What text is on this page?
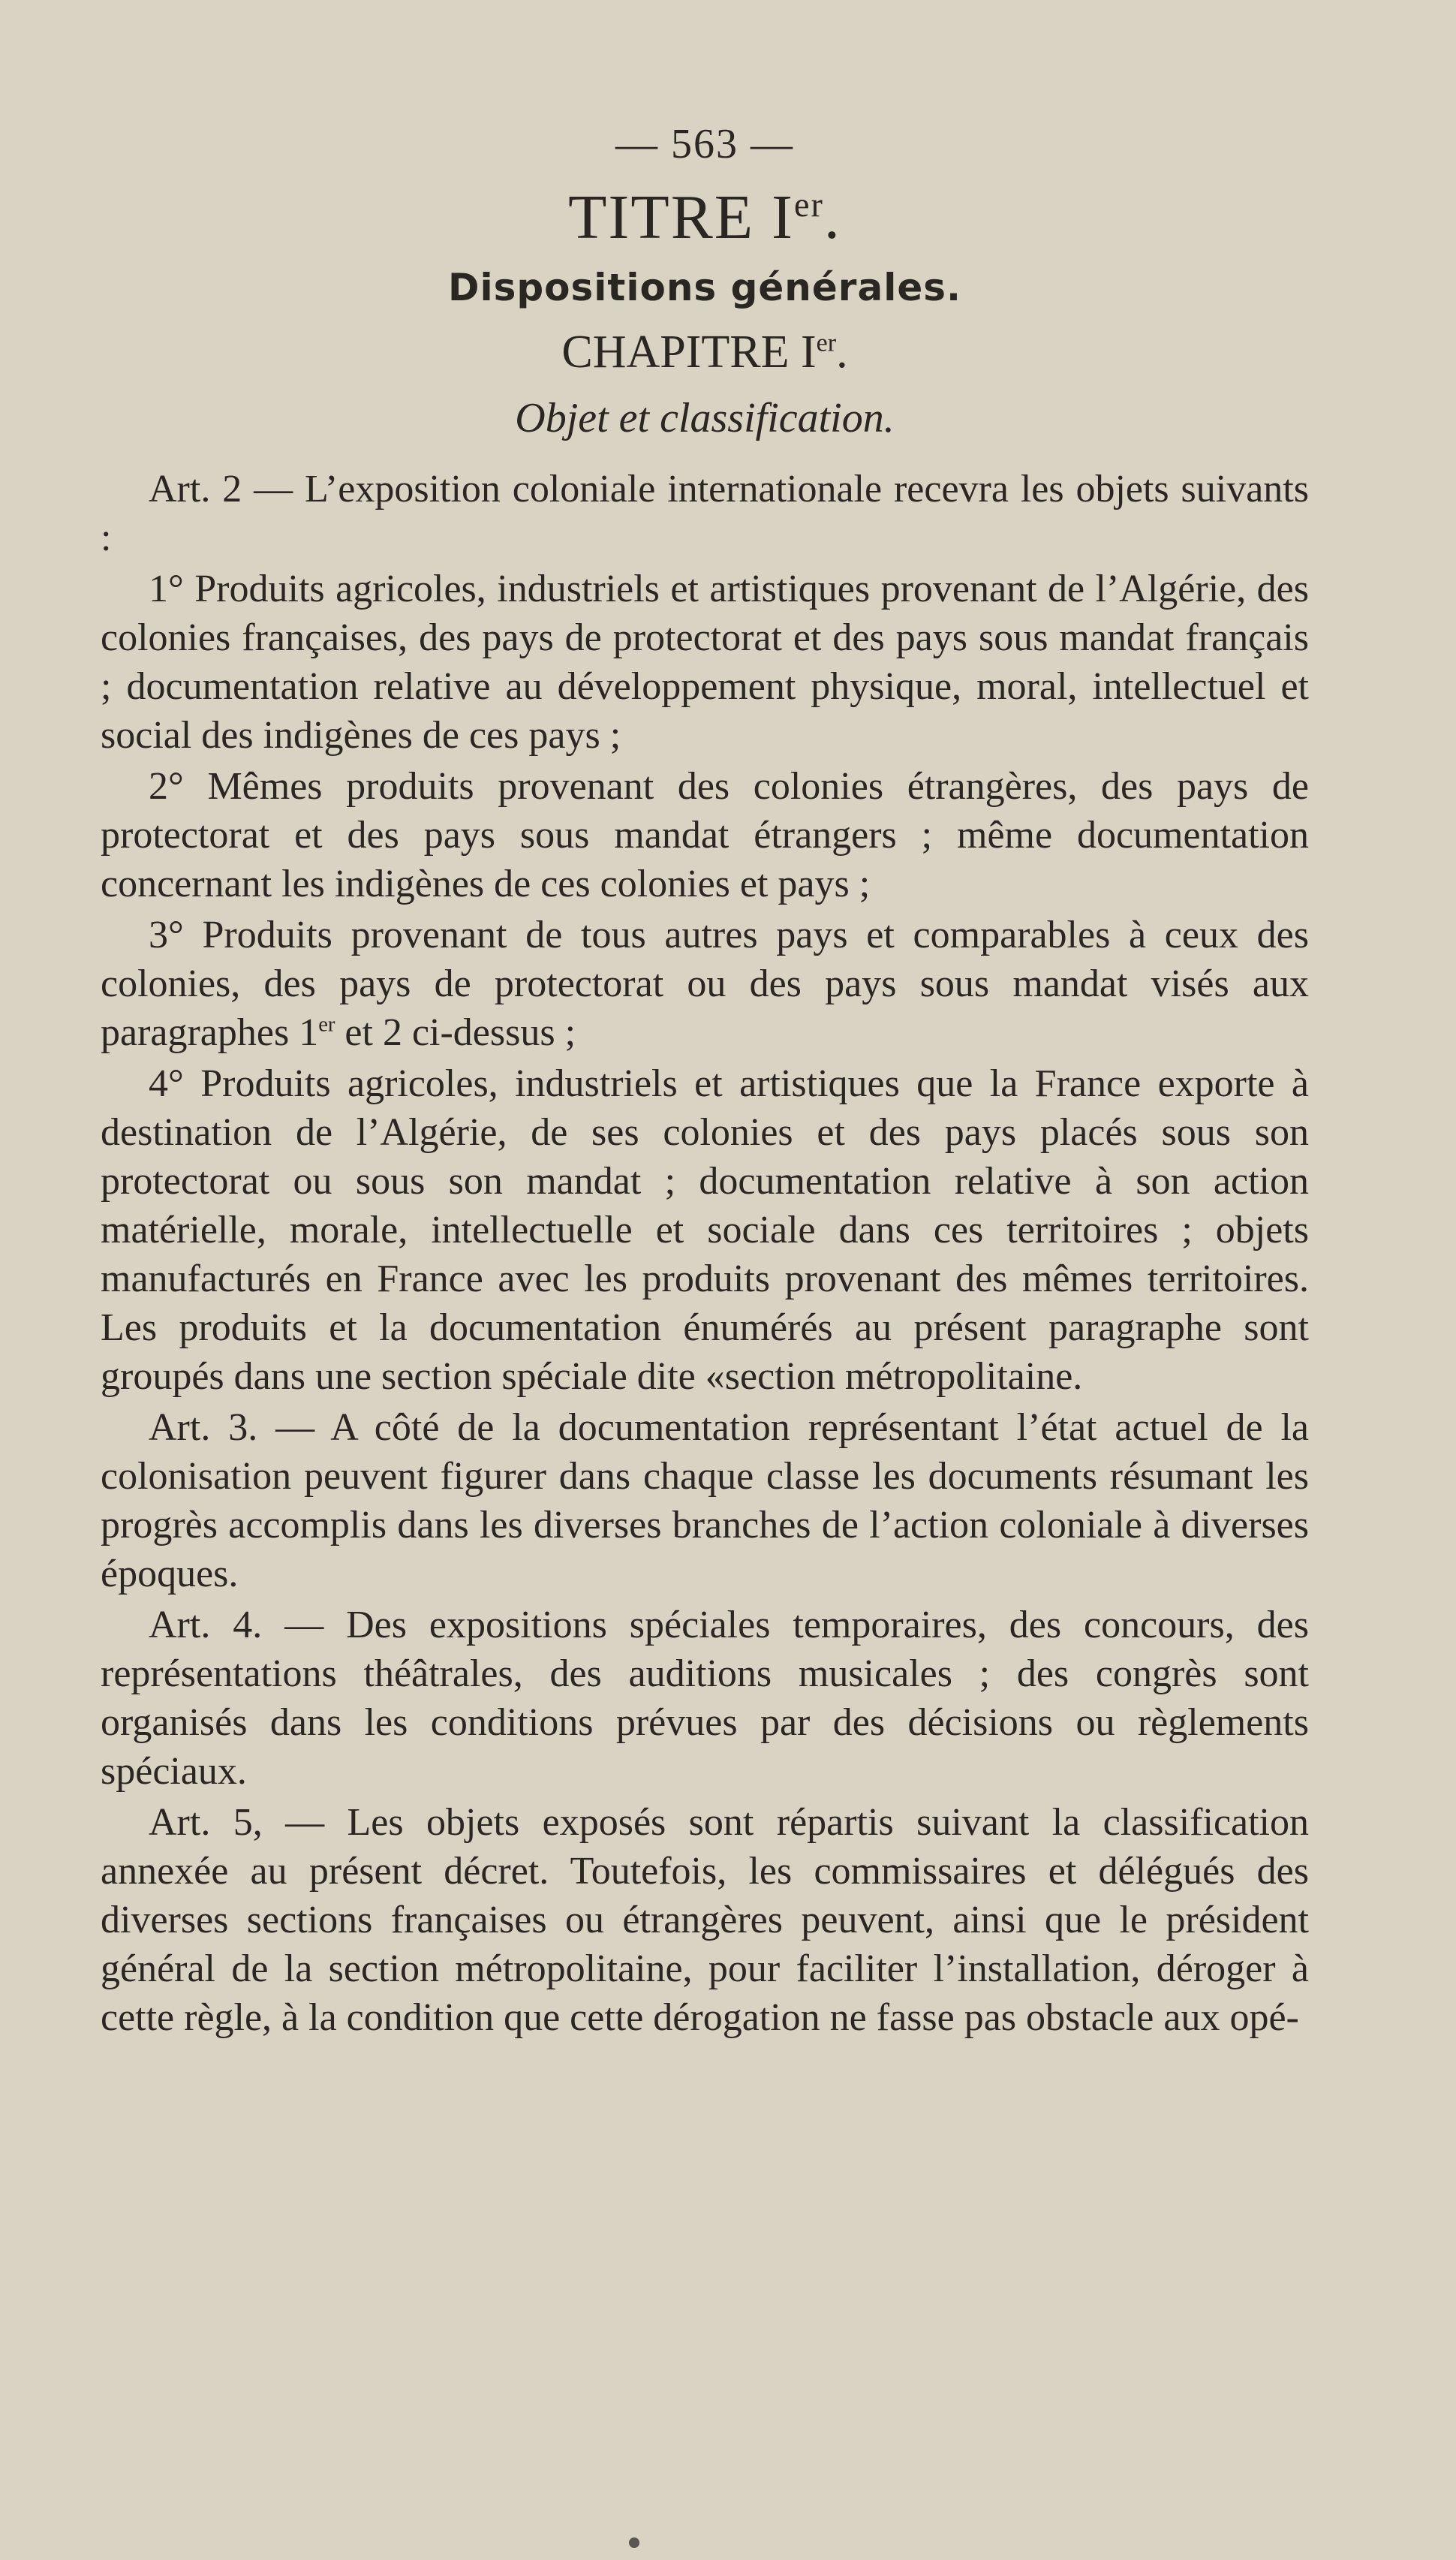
— 563 —
TITRE Ier.
Dispositions générales.
CHAPITRE Ier.
Objet et classification.

Art. 2 — L’exposition coloniale internationale recevra les objets suivants :

1° Produits agricoles, industriels et artistiques provenant de l’Algérie, des colonies françaises, des pays de protectorat et des pays sous mandat français ; documentation relative au développement physique, moral, intellectuel et social des indigènes de ces pays ;

2° Mêmes produits provenant des colonies étrangères, des pays de protectorat et des pays sous mandat étrangers ; même documentation concernant les indigènes de ces colonies et pays ;

3° Produits provenant de tous autres pays et comparables à ceux des colonies, des pays de protectorat ou des pays sous mandat visés aux paragraphes 1er et 2 ci-dessus ;

4° Produits agricoles, industriels et artistiques que la France exporte à destination de l’Algérie, de ses colonies et des pays placés sous son protectorat ou sous son mandat ; documentation relative à son action matérielle, morale, intellectuelle et sociale dans ces territoires ; objets manufacturés en France avec les produits provenant des mêmes territoires. Les produits et la documentation énumérés au présent paragraphe sont groupés dans une section spéciale dite «section métropolitaine.

Art. 3. — A côté de la documentation représentant l’état actuel de la colonisation peuvent figurer dans chaque classe les documents résumant les progrès accomplis dans les diverses branches de l’action coloniale à diverses époques.

Art. 4. — Des expositions spéciales temporaires, des concours, des représentations théâtrales, des auditions musicales ; des congrès sont organisés dans les conditions prévues par des décisions ou règlements spéciaux.

Art. 5, — Les objets exposés sont répartis suivant la classification annexée au présent décret. Toutefois, les commissaires et délégués des diverses sections françaises ou étrangères peuvent, ainsi que le président général de la section métropolitaine, pour faciliter l’installation, déroger à cette règle, à la condition que cette dérogation ne fasse pas obstacle aux opé-
